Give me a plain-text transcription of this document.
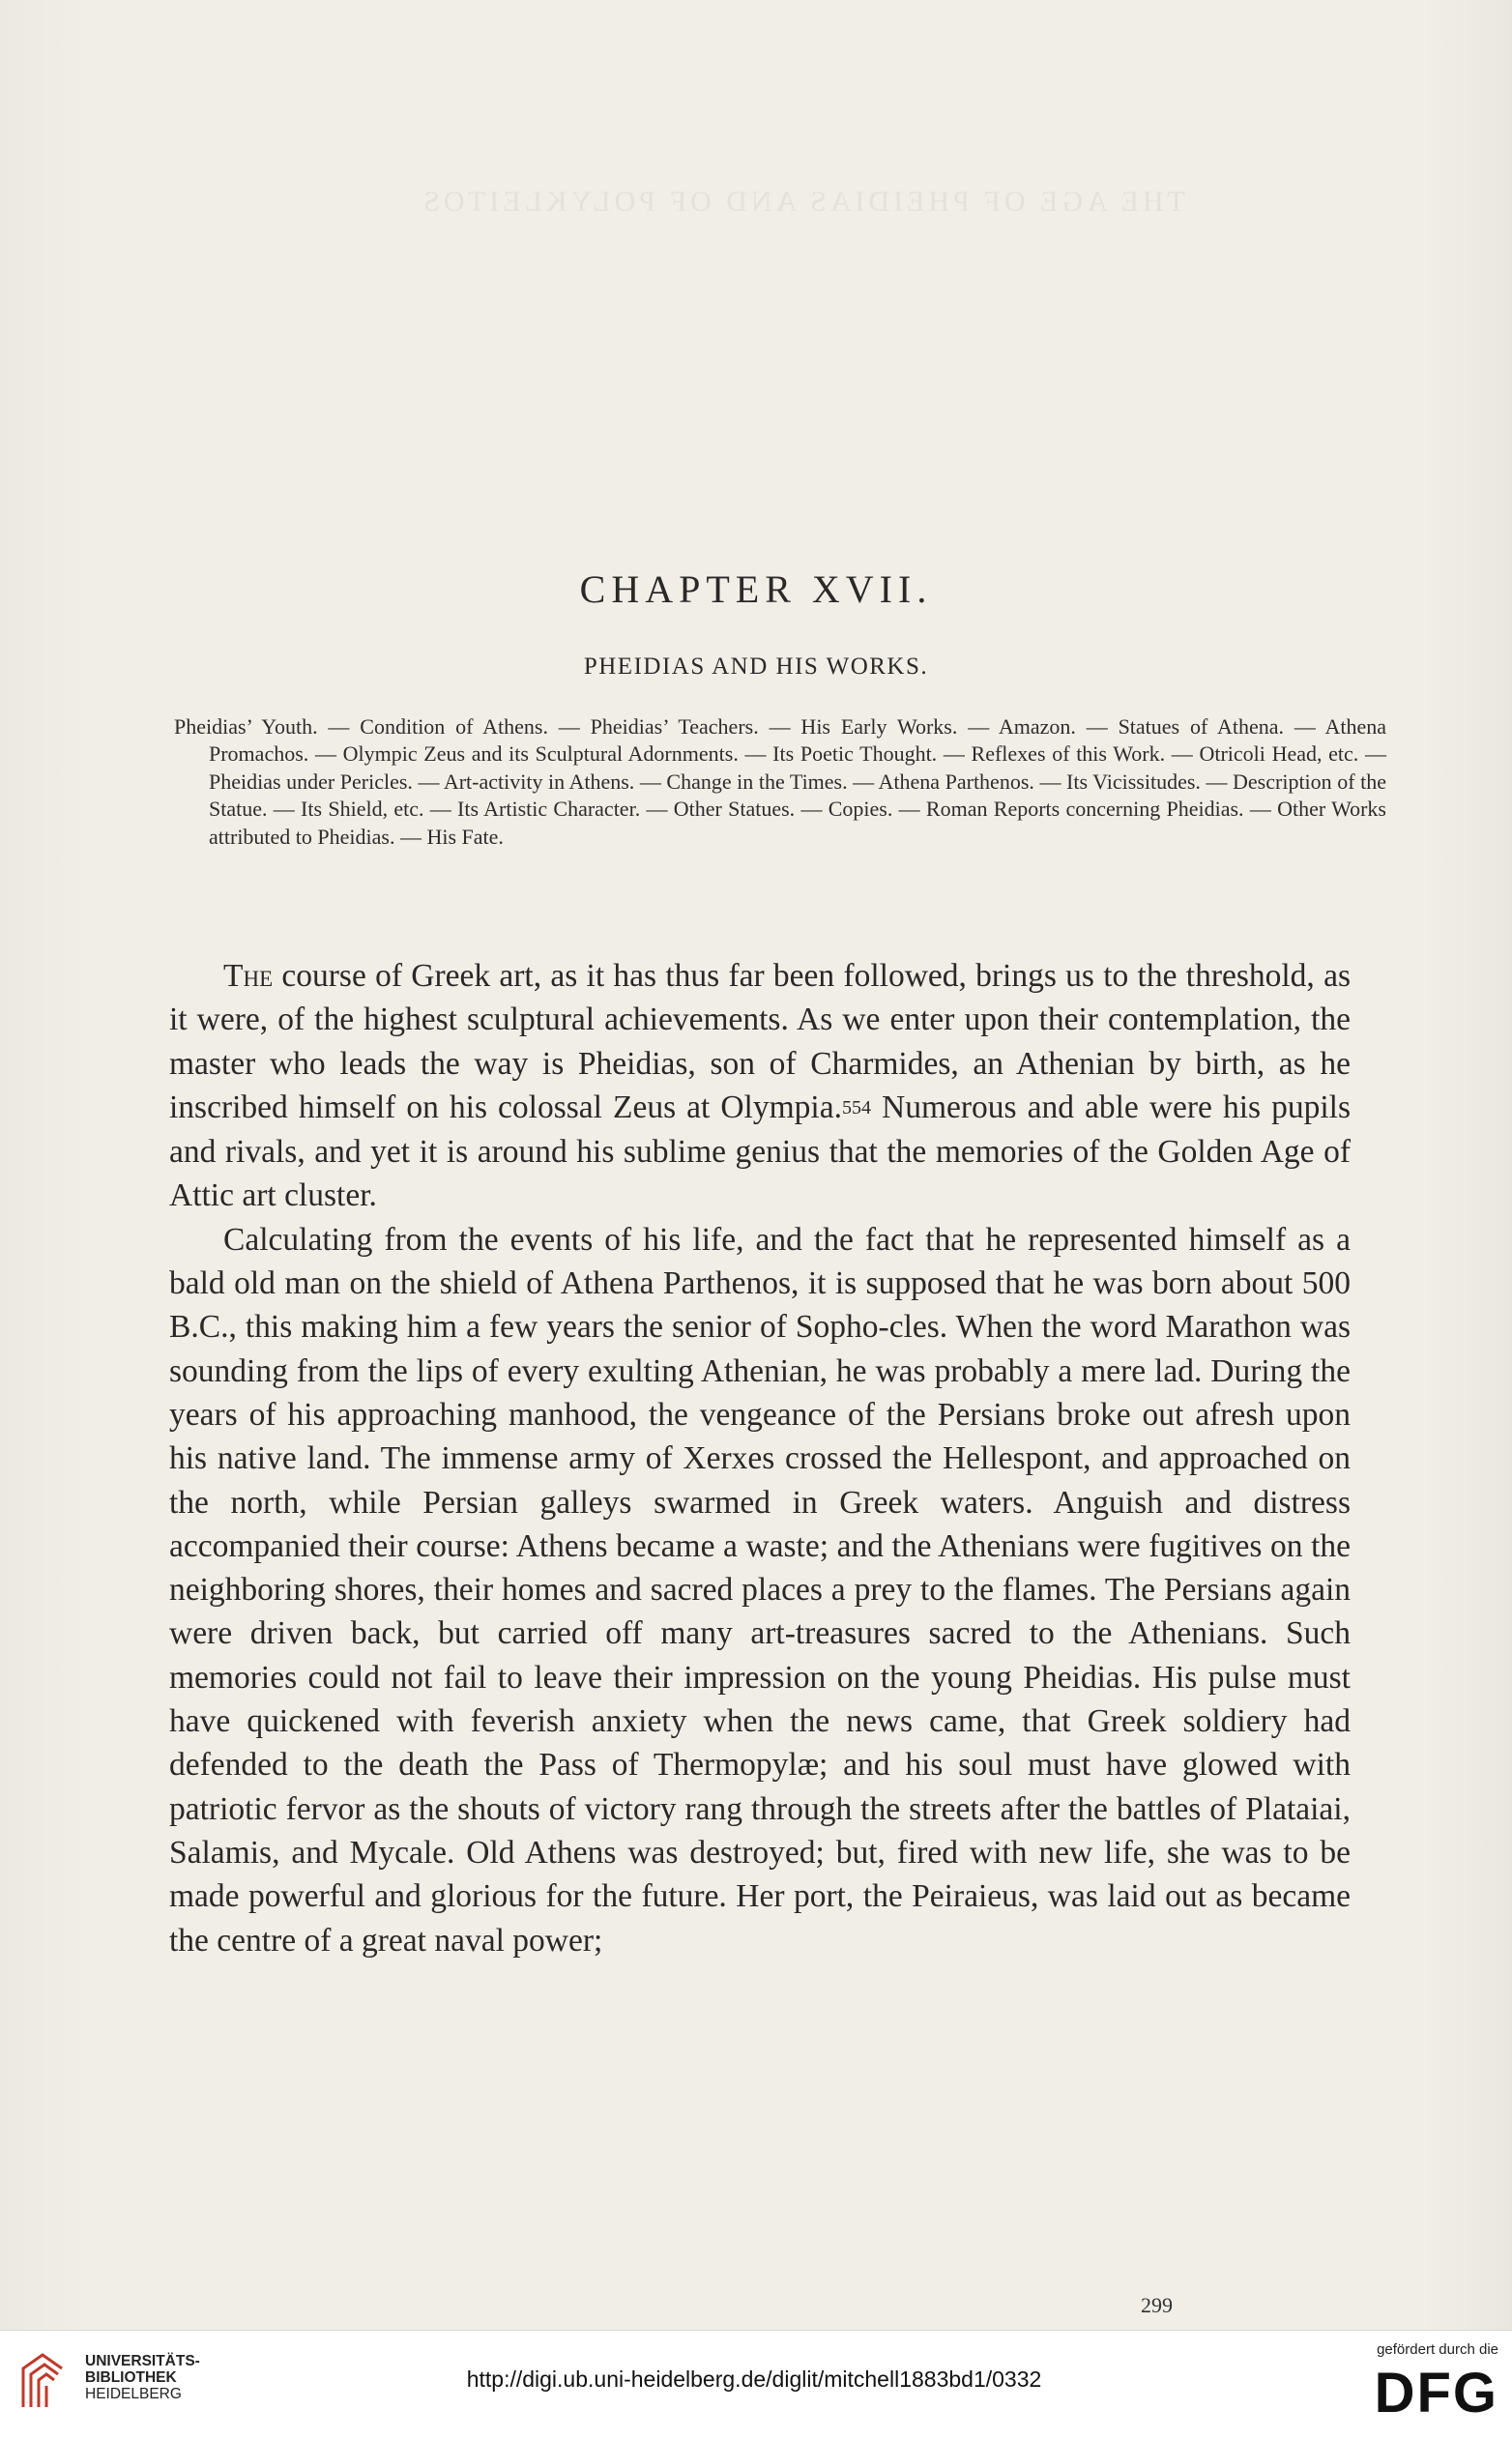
THE AGE OF PHEIDIAS AND OF POLYKLEITOS
CHAPTER XVII.
PHEIDIAS AND HIS WORKS.
Pheidias’ Youth. — Condition of Athens. — Pheidias’ Teachers. — His Early Works. — Amazon. — Statues of Athena. — Athena Promachos. — Olympic Zeus and its Sculptural Adornments. — Its Poetic Thought. — Reflexes of this Work. — Otricoli Head, etc. — Pheidias under Pericles. — Art-activity in Athens. — Change in the Times. — Athena Parthenos. — Its Vicissitudes. — Description of the Statue. — Its Shield, etc. — Its Artistic Character. — Other Statues. — Copies. — Roman Reports concerning Pheidias. — Other Works attributed to Pheidias. — His Fate.

The course of Greek art, as it has thus far been followed, brings us to the threshold, as it were, of the highest sculptural achievements. As we enter upon their contemplation, the master who leads the way is Pheidias, son of Charmides, an Athenian by birth, as he inscribed himself on his colossal Zeus at Olympia.554 Numerous and able were his pupils and rivals, and yet it is around his sublime genius that the memories of the Golden Age of Attic art cluster.

Calculating from the events of his life, and the fact that he represented himself as a bald old man on the shield of Athena Parthenos, it is supposed that he was born about 500 B.C., this making him a few years the senior of Sopho-cles. When the word Marathon was sounding from the lips of every exulting Athenian, he was probably a mere lad. During the years of his approaching manhood, the vengeance of the Persians broke out afresh upon his native land. The immense army of Xerxes crossed the Hellespont, and approached on the north, while Persian galleys swarmed in Greek waters. Anguish and distress accompanied their course: Athens became a waste; and the Athenians were fugitives on the neighboring shores, their homes and sacred places a prey to the flames. The Persians again were driven back, but carried off many art-treasures sacred to the Athenians. Such memories could not fail to leave their impression on the young Pheidias. His pulse must have quickened with feverish anxiety when the news came, that Greek soldiery had defended to the death the Pass of Thermopylæ; and his soul must have glowed with patriotic fervor as the shouts of victory rang through the streets after the battles of Plataiai, Salamis, and Mycale. Old Athens was destroyed; but, fired with new life, she was to be made powerful and glorious for the future. Her port, the Peiraieus, was laid out as became the centre of a great naval power;

299
UNIVERSITÄTS-
BIBLIOTHEK
HEIDELBERG
http://digi.ub.uni-heidelberg.de/diglit/mitchell1883bd1/0332
gefördert durch die
DFG
